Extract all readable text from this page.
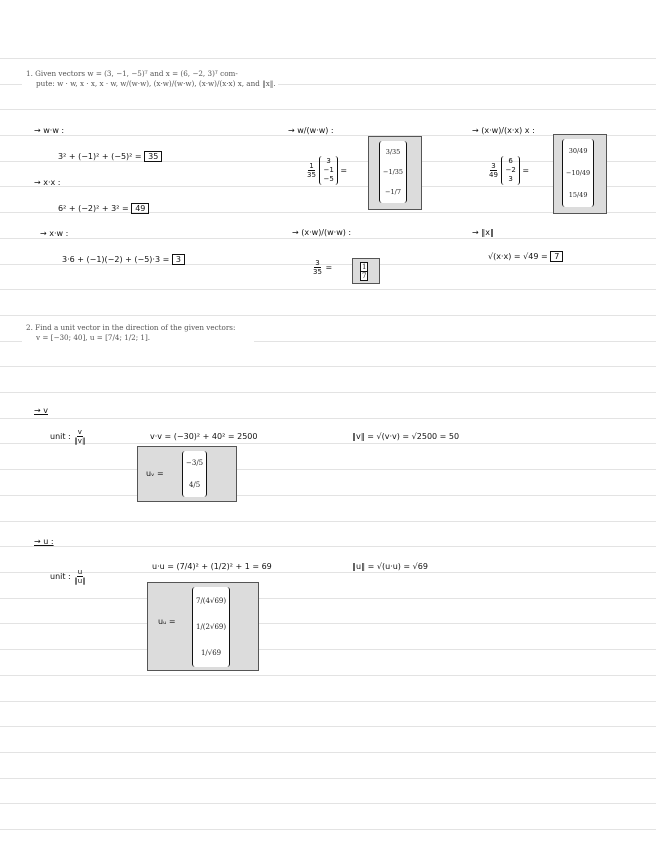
1. Given vectors w = (3, −1, −5)ᵀ and x = (6, −2, 3)ᵀ com-
pute: w · w, x · x, x · w, w/(w·w), (x·w)/(w·w), (x·w)/(x·x) x, and ‖x‖.
→ w·w :
3² + (−1)² + (−5)² = 35
→ x·x :
6² + (−2)² + 3² = 49
→ x·w :
3·6 + (−1)(−2) + (−5)·3 = 3
→ w/(w·w) :
$\frac{1}{35}$

3
−1
−5
=
3/35
−1/35
−1/7
→ (x·w)/(w·w) :
$\frac{3}{35}$ =	$\frac{1}{7}$
→ (x·w)/(x·x) x :
$\frac{3}{49}$

6
−2
3
=
30/49
−10/49
15/49
→ ‖x‖
√(x·x) = √49 = 7
2. Find a unit vector in the direction of the given vectors:
v = [−30; 40], u = [7/4; 1/2; 1].
→ v
unit : $\frac{v}{‖v‖}$	v·v = (−30)² + 40² = 2500	‖v‖ = √(v·v) = √2500 = 50
uᵥ =
−3/5
4/5
→ u :
unit : $\frac{u}{‖u‖}$
u·u = (7/4)² + (1/2)² + 1 = 69	‖u‖ = √(u·u) = √69
uᵤ =
7/(4√69)
1/(2√69)
1/√69
